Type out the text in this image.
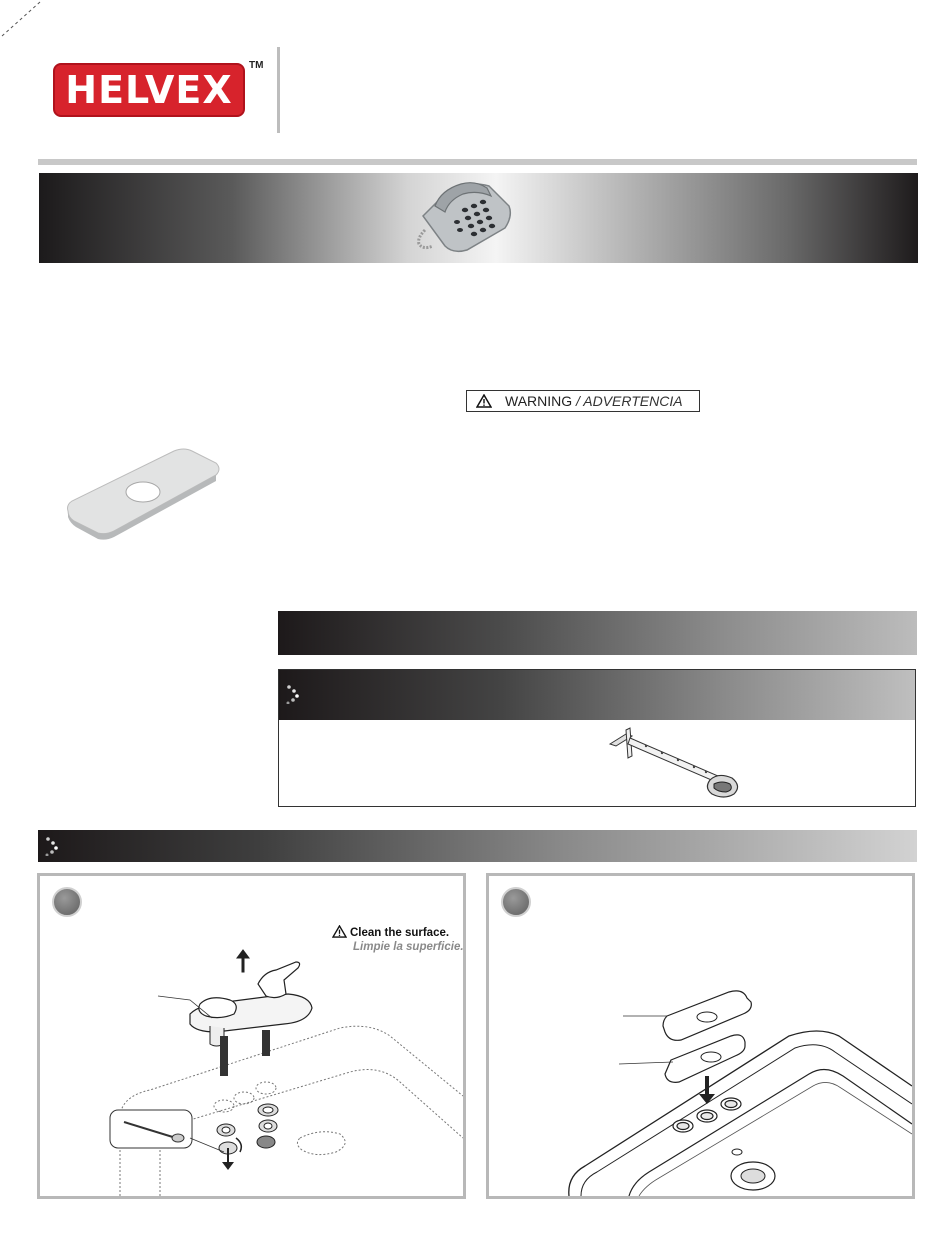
HELVEX
TM
WARNING / ADVERTENCIA
Clean the surface.
Limpie la superficie.
